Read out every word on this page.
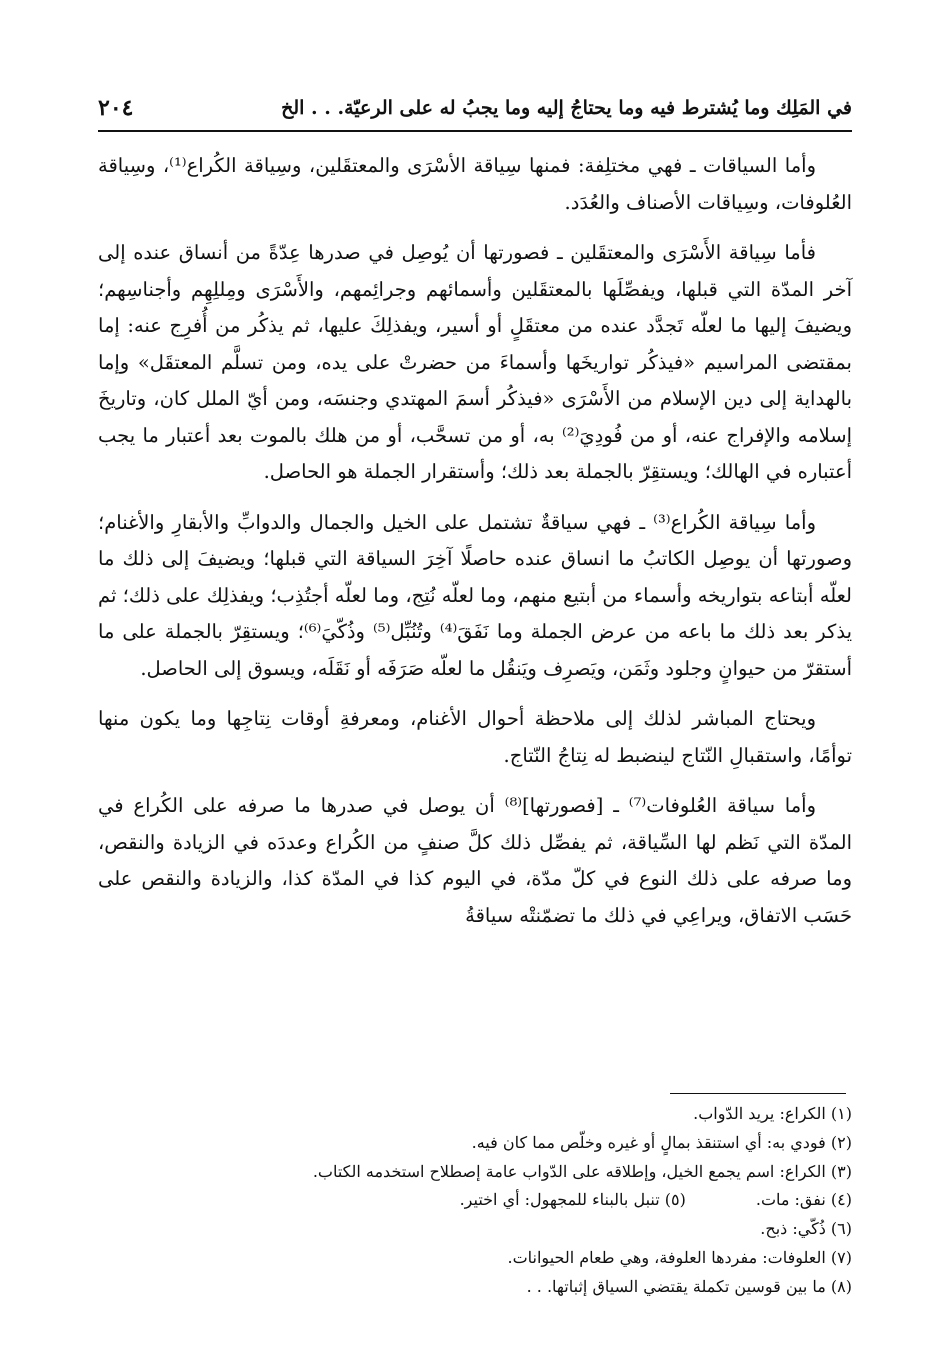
٢٠٤	في المَلِك وما يُشترط فيه وما يحتاجُ إليه وما يجبُ له على الرعيّة. . . الخ

وأما السياقات ـ فهي مختلِفة: فمنها سِياقة الأسْرَى والمعتقَلين، وسِياقة الكُراع⁽¹⁾، وسِياقة العُلوفات، وسِياقات الأصناف والعُدَد.

فأما سِياقة الأَسْرَى والمعتقَلين ـ فصورتها أن يُوصِل في صدرها عِدّةً من أنساق عنده إلى آخر المدّة التي قبلها، ويفصِّلَها بالمعتقَلين وأسمائهم وجرائِمهم، والأَسْرَى ومِللِهِم وأجناسِهم؛ ويضيفَ إليها ما لعلّه تَجدَّد عنده من معتقَلٍ أو أسير، ويفذلِكَ عليها، ثم يذكُر من أُفرِج عنه: إما بمقتضى المراسيم «فيذكُر تواريخَها وأسماءَ من حضرتْ على يده، ومن تسلَّم المعتقَل» وإما بالهداية إلى دين الإسلام من الأَسْرَى «فيذكُر أسمَ المهتدي وجنسَه، ومن أيّ الملل كان، وتاريخَ إسلامه والإفراج عنه، أو من فُودِيَ⁽²⁾ به، أو من تسحَّب، أو من هلك بالموت بعد أعتبار ما يجب أعتباره في الهالك؛ ويستقِرّ بالجملة بعد ذلك؛ وأستقرار الجملة هو الحاصل.

وأما سِياقة الكُراع⁽³⁾ ـ فهي سياقةٌ تشتمل على الخيل والجمال والدوابِّ والأبقارِ والأغنام؛ وصورتها أن يوصِل الكاتبُ ما انساق عنده حاصلًا آخِرَ السياقة التي قبلها؛ ويضيفَ إلى ذلك ما لعلّه أبتاعه بتواريخه وأسماء من أبتيع منهم، وما لعلّه نُتِج، وما لعلّه أجتُذِب؛ ويفذلِك على ذلك؛ ثم يذكر بعد ذلك ما باعه من عرض الجملة وما نَفَقَ⁽⁴⁾ وتُنُبِّل⁽⁵⁾ وذُكّيَ⁽⁶⁾؛ ويستقِرّ بالجملة على ما أستقرّ من حيوانٍ وجلود وثَمَن، ويَصرِف ويَنقُل ما لعلّه صَرَفَه أو نَقَلَه، ويسوق إلى الحاصل.

ويحتاج المباشر لذلك إلى ملاحظة أحوال الأغنام، ومعرفةِ أوقات نِتاجِها وما يكون منها توأمًا، واستقبالِ النّتاج لينضبط له نِتاجُ النّتاج.

وأما سياقة العُلوفات⁽⁷⁾ ـ [فصورتها]⁽⁸⁾ أن يوصل في صدرها ما صرفه على الكُراع في المدّة التي نَظم لها السِّياقة، ثم يفصِّل ذلك كلَّ صنفٍ من الكُراع وعددَه في الزيادة والنقص، وما صرفه على ذلك النوع في كلّ مدّة، في اليوم كذا في المدّة كذا، والزيادة والنقص على حَسَب الاتفاق، ويراعِي في ذلك ما تضمّنتْه سياقةُ

(١) الكراع: يريد الدّواب.
(٢) فودي به: أي استنقذ بمالٍ أو غيره وخلّص مما كان فيه.
(٣) الكراع: اسم يجمع الخيل، وإطلاقه على الدّواب عامة إصطلاح استخدمه الكتاب.
(٤) نفق: مات.
(٥) تنبل بالبناء للمجهول: أي اختير.
(٦) ذُكّي: ذبح.
(٧) العلوفات: مفردها العلوفة، وهي طعام الحيوانات.
(٨) ما بين قوسين تكملة يقتضي السياق إثباتها. . .
